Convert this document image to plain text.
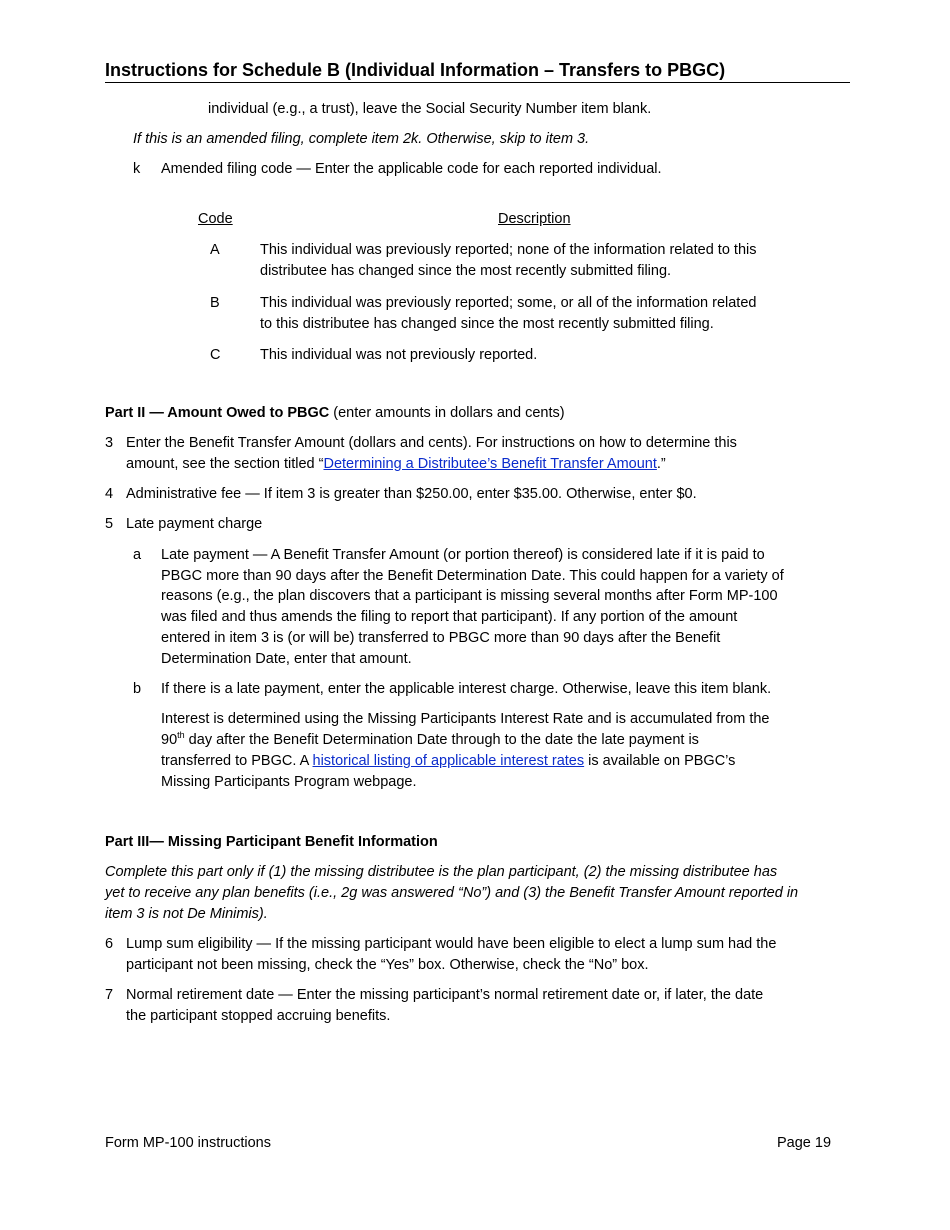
Instructions for Schedule B (Individual Information – Transfers to PBGC)
individual (e.g., a trust), leave the Social Security Number item blank.
If this is an amended filing, complete item 2k. Otherwise, skip to item 3.
k Amended filing code — Enter the applicable code for each reported individual.
Code	Description
A	This individual was previously reported; none of the information related to this
distributee has changed since the most recently submitted filing.
B	This individual was previously reported; some, or all of the information related
to this distributee has changed since the most recently submitted filing.
C	This individual was not previously reported.
Part II — Amount Owed to PBGC (enter amounts in dollars and cents)
3 Enter the Benefit Transfer Amount (dollars and cents). For instructions on how to determine this
amount, see the section titled “Determining a Distributee’s Benefit Transfer Amount.”
4 Administrative fee — If item 3 is greater than $250.00, enter $35.00. Otherwise, enter $0.
5 Late payment charge
a Late payment — A Benefit Transfer Amount (or portion thereof) is considered late if it is paid to
PBGC more than 90 days after the Benefit Determination Date. This could happen for a variety of
reasons (e.g., the plan discovers that a participant is missing several months after Form MP-100
was filed and thus amends the filing to report that participant). If any portion of the amount
entered in item 3 is (or will be) transferred to PBGC more than 90 days after the Benefit
Determination Date, enter that amount.
b If there is a late payment, enter the applicable interest charge. Otherwise, leave this item blank.
Interest is determined using the Missing Participants Interest Rate and is accumulated from the
90th day after the Benefit Determination Date through to the date the late payment is
transferred to PBGC. A historical listing of applicable interest rates is available on PBGC’s
Missing Participants Program webpage.
Part III— Missing Participant Benefit Information
Complete this part only if (1) the missing distributee is the plan participant, (2) the missing distributee has
yet to receive any plan benefits (i.e., 2g was answered “No”) and (3) the Benefit Transfer Amount reported in
item 3 is not De Minimis).
6 Lump sum eligibility — If the missing participant would have been eligible to elect a lump sum had the
participant not been missing, check the “Yes” box. Otherwise, check the “No” box.
7 Normal retirement date — Enter the missing participant’s normal retirement date or, if later, the date
the participant stopped accruing benefits.
Form MP-100 instructions	Page 19
